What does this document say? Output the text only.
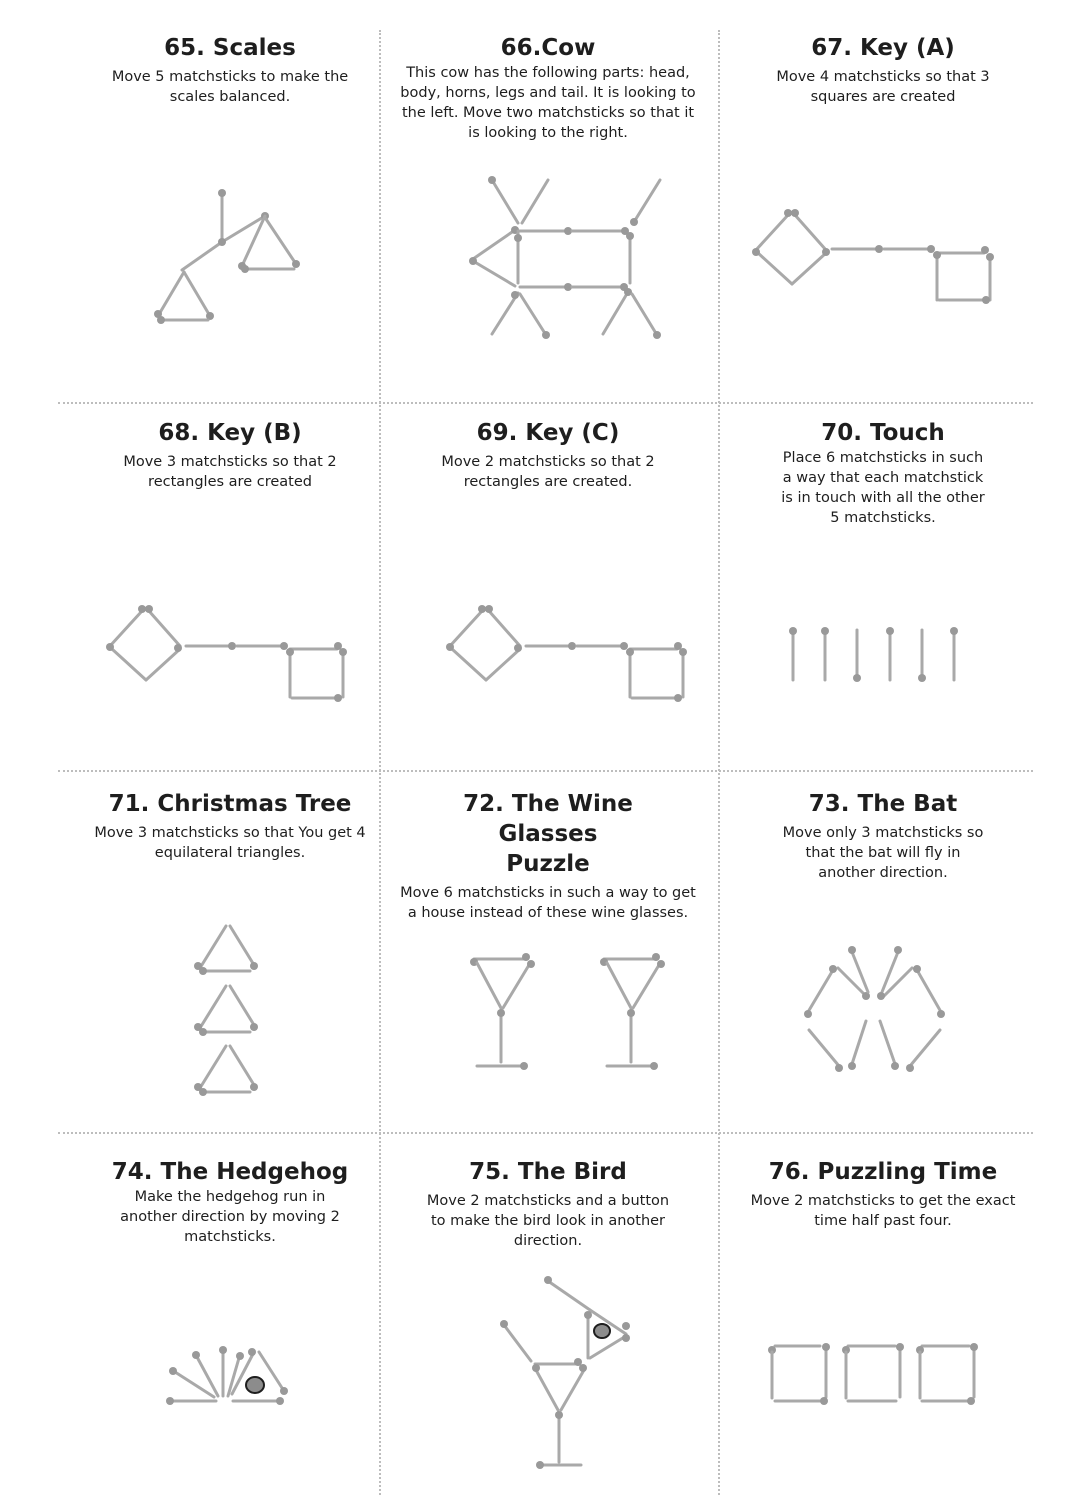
65. Scales

Move 5 matchsticks to make the scales balanced.

66.Cow

This cow has the following parts: head, body, horns, legs and tail. It is looking to the left. Move two matchsticks so that it is looking to the right.

67. Key (A)

Move 4 matchsticks so that 3 squares are created

68. Key (B)

Move 3 matchsticks so that 2 rectangles are created

69. Key (C)

Move 2 matchsticks so that 2 rectangles are created.

70. Touch

Place 6 matchsticks in such a way that each matchstick is in touch with all the other 5 matchsticks.

71. Christmas Tree

Move 3 matchsticks so that You get 4 equilateral triangles.

72. The Wine Glasses Puzzle

Move 6 matchsticks in such a way to get a house instead of these wine glasses.

73. The Bat

Move only 3 matchsticks so that the bat will fly in another direction.

74. The Hedgehog

Make the hedgehog run in another direction by moving 2 matchsticks.

75. The Bird

Move 2 matchsticks and a button to make the bird look in another direction.

76. Puzzling Time

Move 2 matchsticks to get the exact time half past four.
